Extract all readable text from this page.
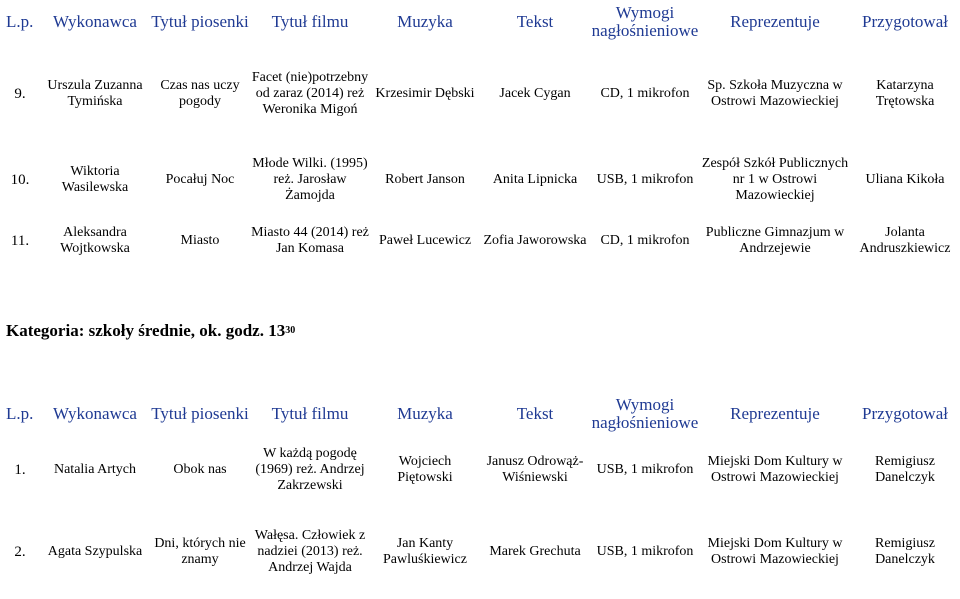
L.p.	Wykonawca	Tytuł piosenki	Tytuł filmu	Muzyka	Tekst	Wymogi nagłośnieniowe	Reprezentuje	Przygotował
9.	Urszula Zuzanna Tymińska	Czas nas uczy pogody	Facet (nie)potrzebny od zaraz (2014) reż Weronika Migoń	Krzesimir Dębski	Jacek Cygan	CD, 1 mikrofon	Sp. Szkoła Muzyczna w Ostrowi Mazowieckiej	Katarzyna Trętowska
10.	Wiktoria Wasilewska	Pocałuj Noc	Młode Wilki. (1995) reż. Jarosław Żamojda	Robert Janson	Anita Lipnicka	USB, 1 mikrofon	Zespół Szkół Publicznych nr 1 w Ostrowi Mazowieckiej	Uliana Kikoła
11.	Aleksandra Wojtkowska	Miasto	Miasto 44 (2014) reż Jan Komasa	Paweł Lucewicz	Zofia Jaworowska	CD, 1 mikrofon	Publiczne Gimnazjum w Andrzejewie	Jolanta Andruszkiewicz
Kategoria: szkoły średnie, ok. godz. $13^{30}$
L.p.	Wykonawca	Tytuł piosenki	Tytuł filmu	Muzyka	Tekst	Wymogi nagłośnieniowe	Reprezentuje	Przygotował
1.	Natalia Artych	Obok nas	W każdą pogodę (1969) reż. Andrzej Zakrzewski	Wojciech Piętowski	Janusz Odrowąż-Wiśniewski	USB, 1 mikrofon	Miejski Dom Kultury w Ostrowi Mazowieckiej	Remigiusz Danelczyk
2.	Agata Szypulska	Dni, których nie znamy	Wałęsa. Człowiek z nadziei (2013) reż. Andrzej Wajda	Jan Kanty Pawluśkiewicz	Marek Grechuta	USB, 1 mikrofon	Miejski Dom Kultury w Ostrowi Mazowieckiej	Remigiusz Danelczyk
